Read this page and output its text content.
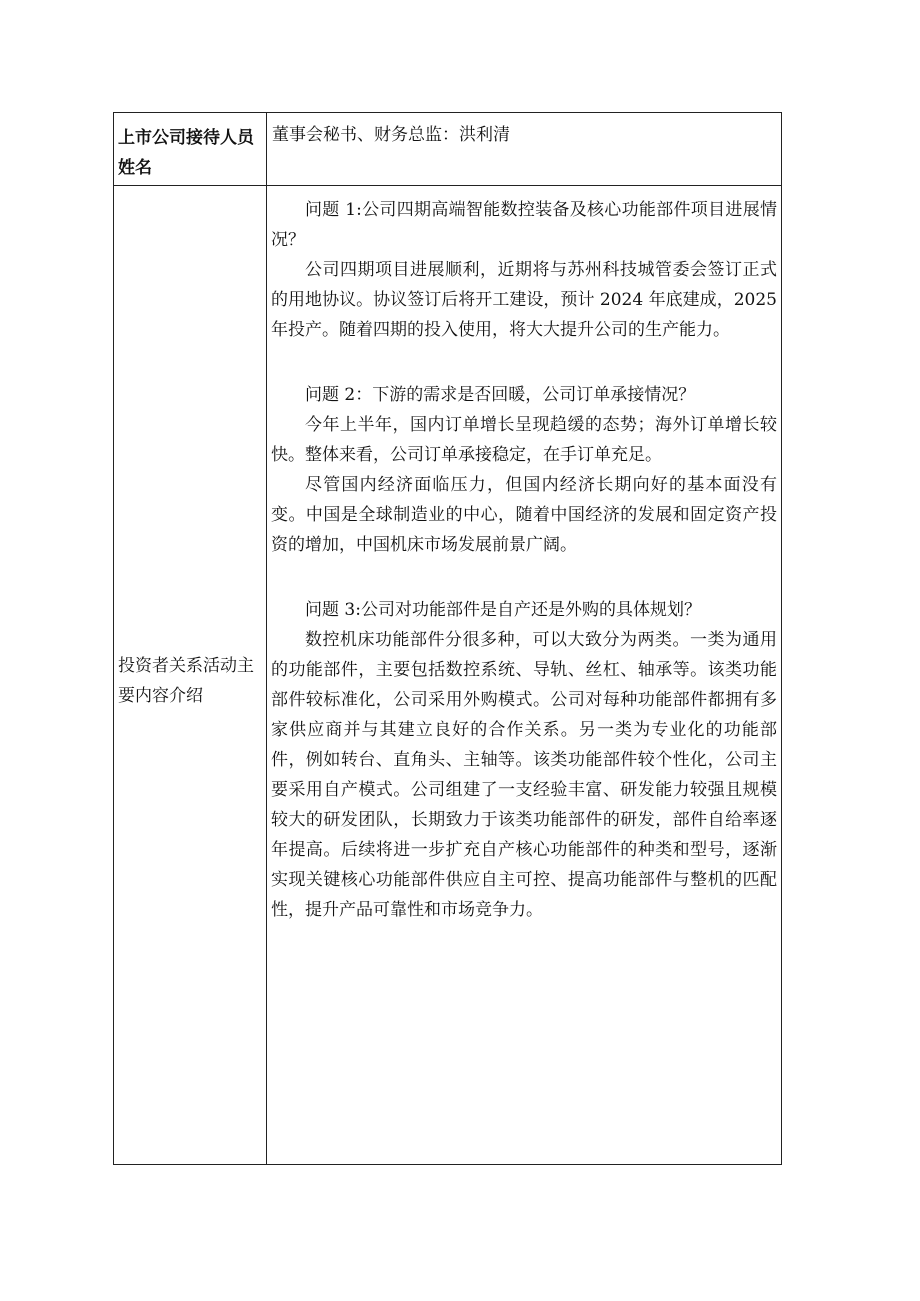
上市公司接待人员姓名
董事会秘书、财务总监：洪利清
投资者关系活动主要内容介绍

问题 1:公司四期高端智能数控装备及核心功能部件项目进展情况？

公司四期项目进展顺利，近期将与苏州科技城管委会签订正式的用地协议。协议签订后将开工建设，预计 2024 年底建成，2025 年投产。随着四期的投入使用，将大大提升公司的生产能力。

问题 2：下游的需求是否回暖，公司订单承接情况？

今年上半年，国内订单增长呈现趋缓的态势；海外订单增长较快。整体来看，公司订单承接稳定，在手订单充足。

尽管国内经济面临压力，但国内经济长期向好的基本面没有变。中国是全球制造业的中心，随着中国经济的发展和固定资产投资的增加，中国机床市场发展前景广阔。

问题 3:公司对功能部件是自产还是外购的具体规划？

数控机床功能部件分很多种，可以大致分为两类。一类为通用的功能部件，主要包括数控系统、导轨、丝杠、轴承等。该类功能部件较标准化，公司采用外购模式。公司对每种功能部件都拥有多家供应商并与其建立良好的合作关系。另一类为专业化的功能部件，例如转台、直角头、主轴等。该类功能部件较个性化，公司主要采用自产模式。公司组建了一支经验丰富、研发能力较强且规模较大的研发团队，长期致力于该类功能部件的研发，部件自给率逐年提高。后续将进一步扩充自产核心功能部件的种类和型号，逐渐实现关键核心功能部件供应自主可控、提高功能部件与整机的匹配性，提升产品可靠性和市场竞争力。
